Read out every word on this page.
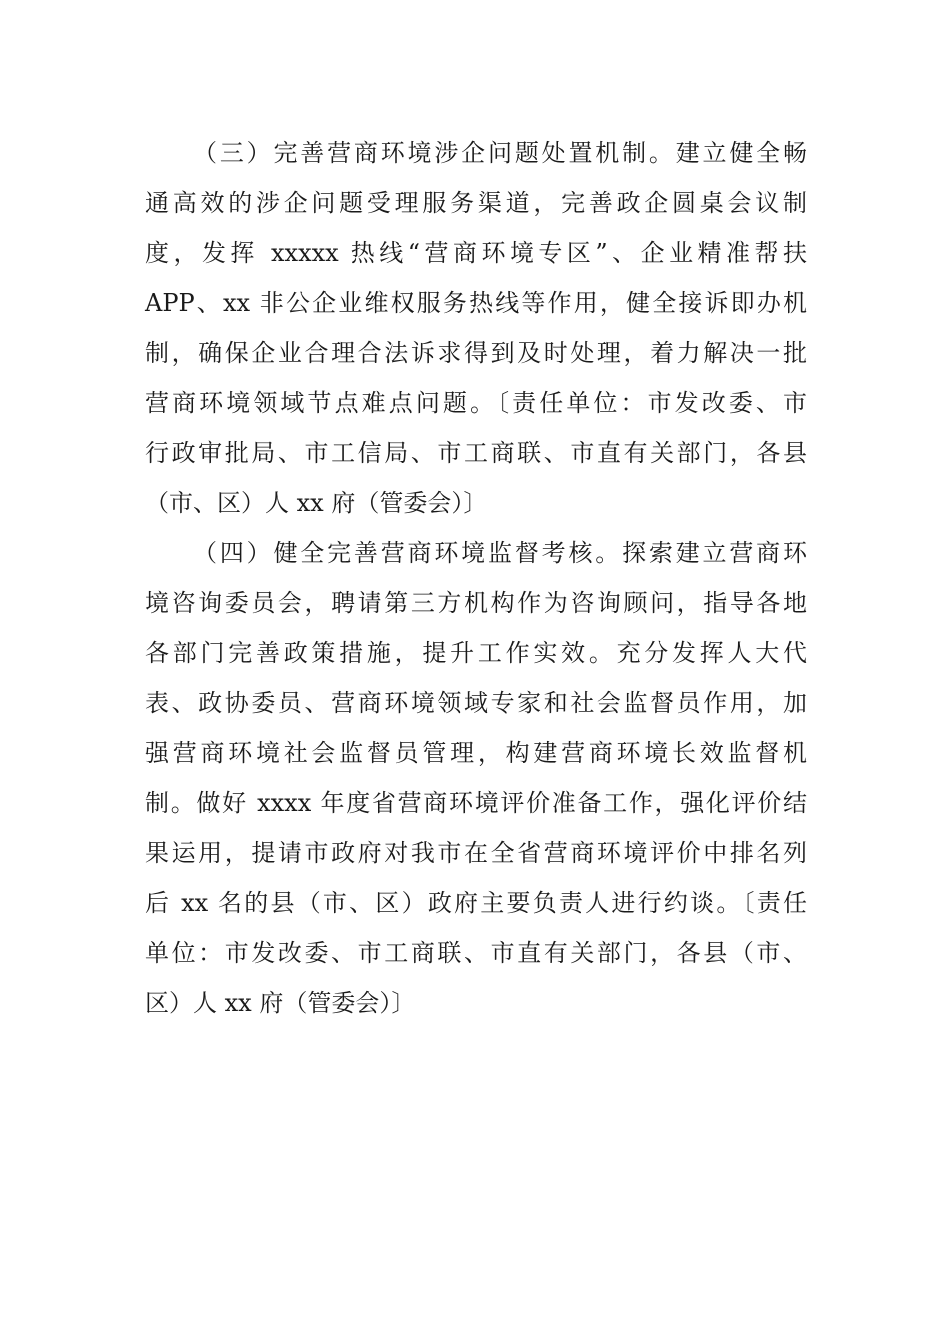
（三）完善营商环境涉企问题处置机制。建立健全畅
通高效的涉企问题受理服务渠道，完善政企圆桌会议制
度，发挥 xxxxx 热线“营商环境专区”、企业精准帮扶
APP、xx 非公企业维权服务热线等作用，健全接诉即办机
制，确保企业合理合法诉求得到及时处理，着力解决一批
营商环境领域节点难点问题。〔责任单位：市发改委、市
行政审批局、市工信局、市工商联、市直有关部门，各县
（市、区）人 xx 府（管委会）〕
（四）健全完善营商环境监督考核。探索建立营商环
境咨询委员会，聘请第三方机构作为咨询顾问，指导各地
各部门完善政策措施，提升工作实效。充分发挥人大代
表、政协委员、营商环境领域专家和社会监督员作用，加
强营商环境社会监督员管理，构建营商环境长效监督机
制。做好 xxxx 年度省营商环境评价准备工作，强化评价结
果运用，提请市政府对我市在全省营商环境评价中排名列
后 xx 名的县（市、区）政府主要负责人进行约谈。〔责任
单位：市发改委、市工商联、市直有关部门，各县（市、
区）人 xx 府（管委会）〕
